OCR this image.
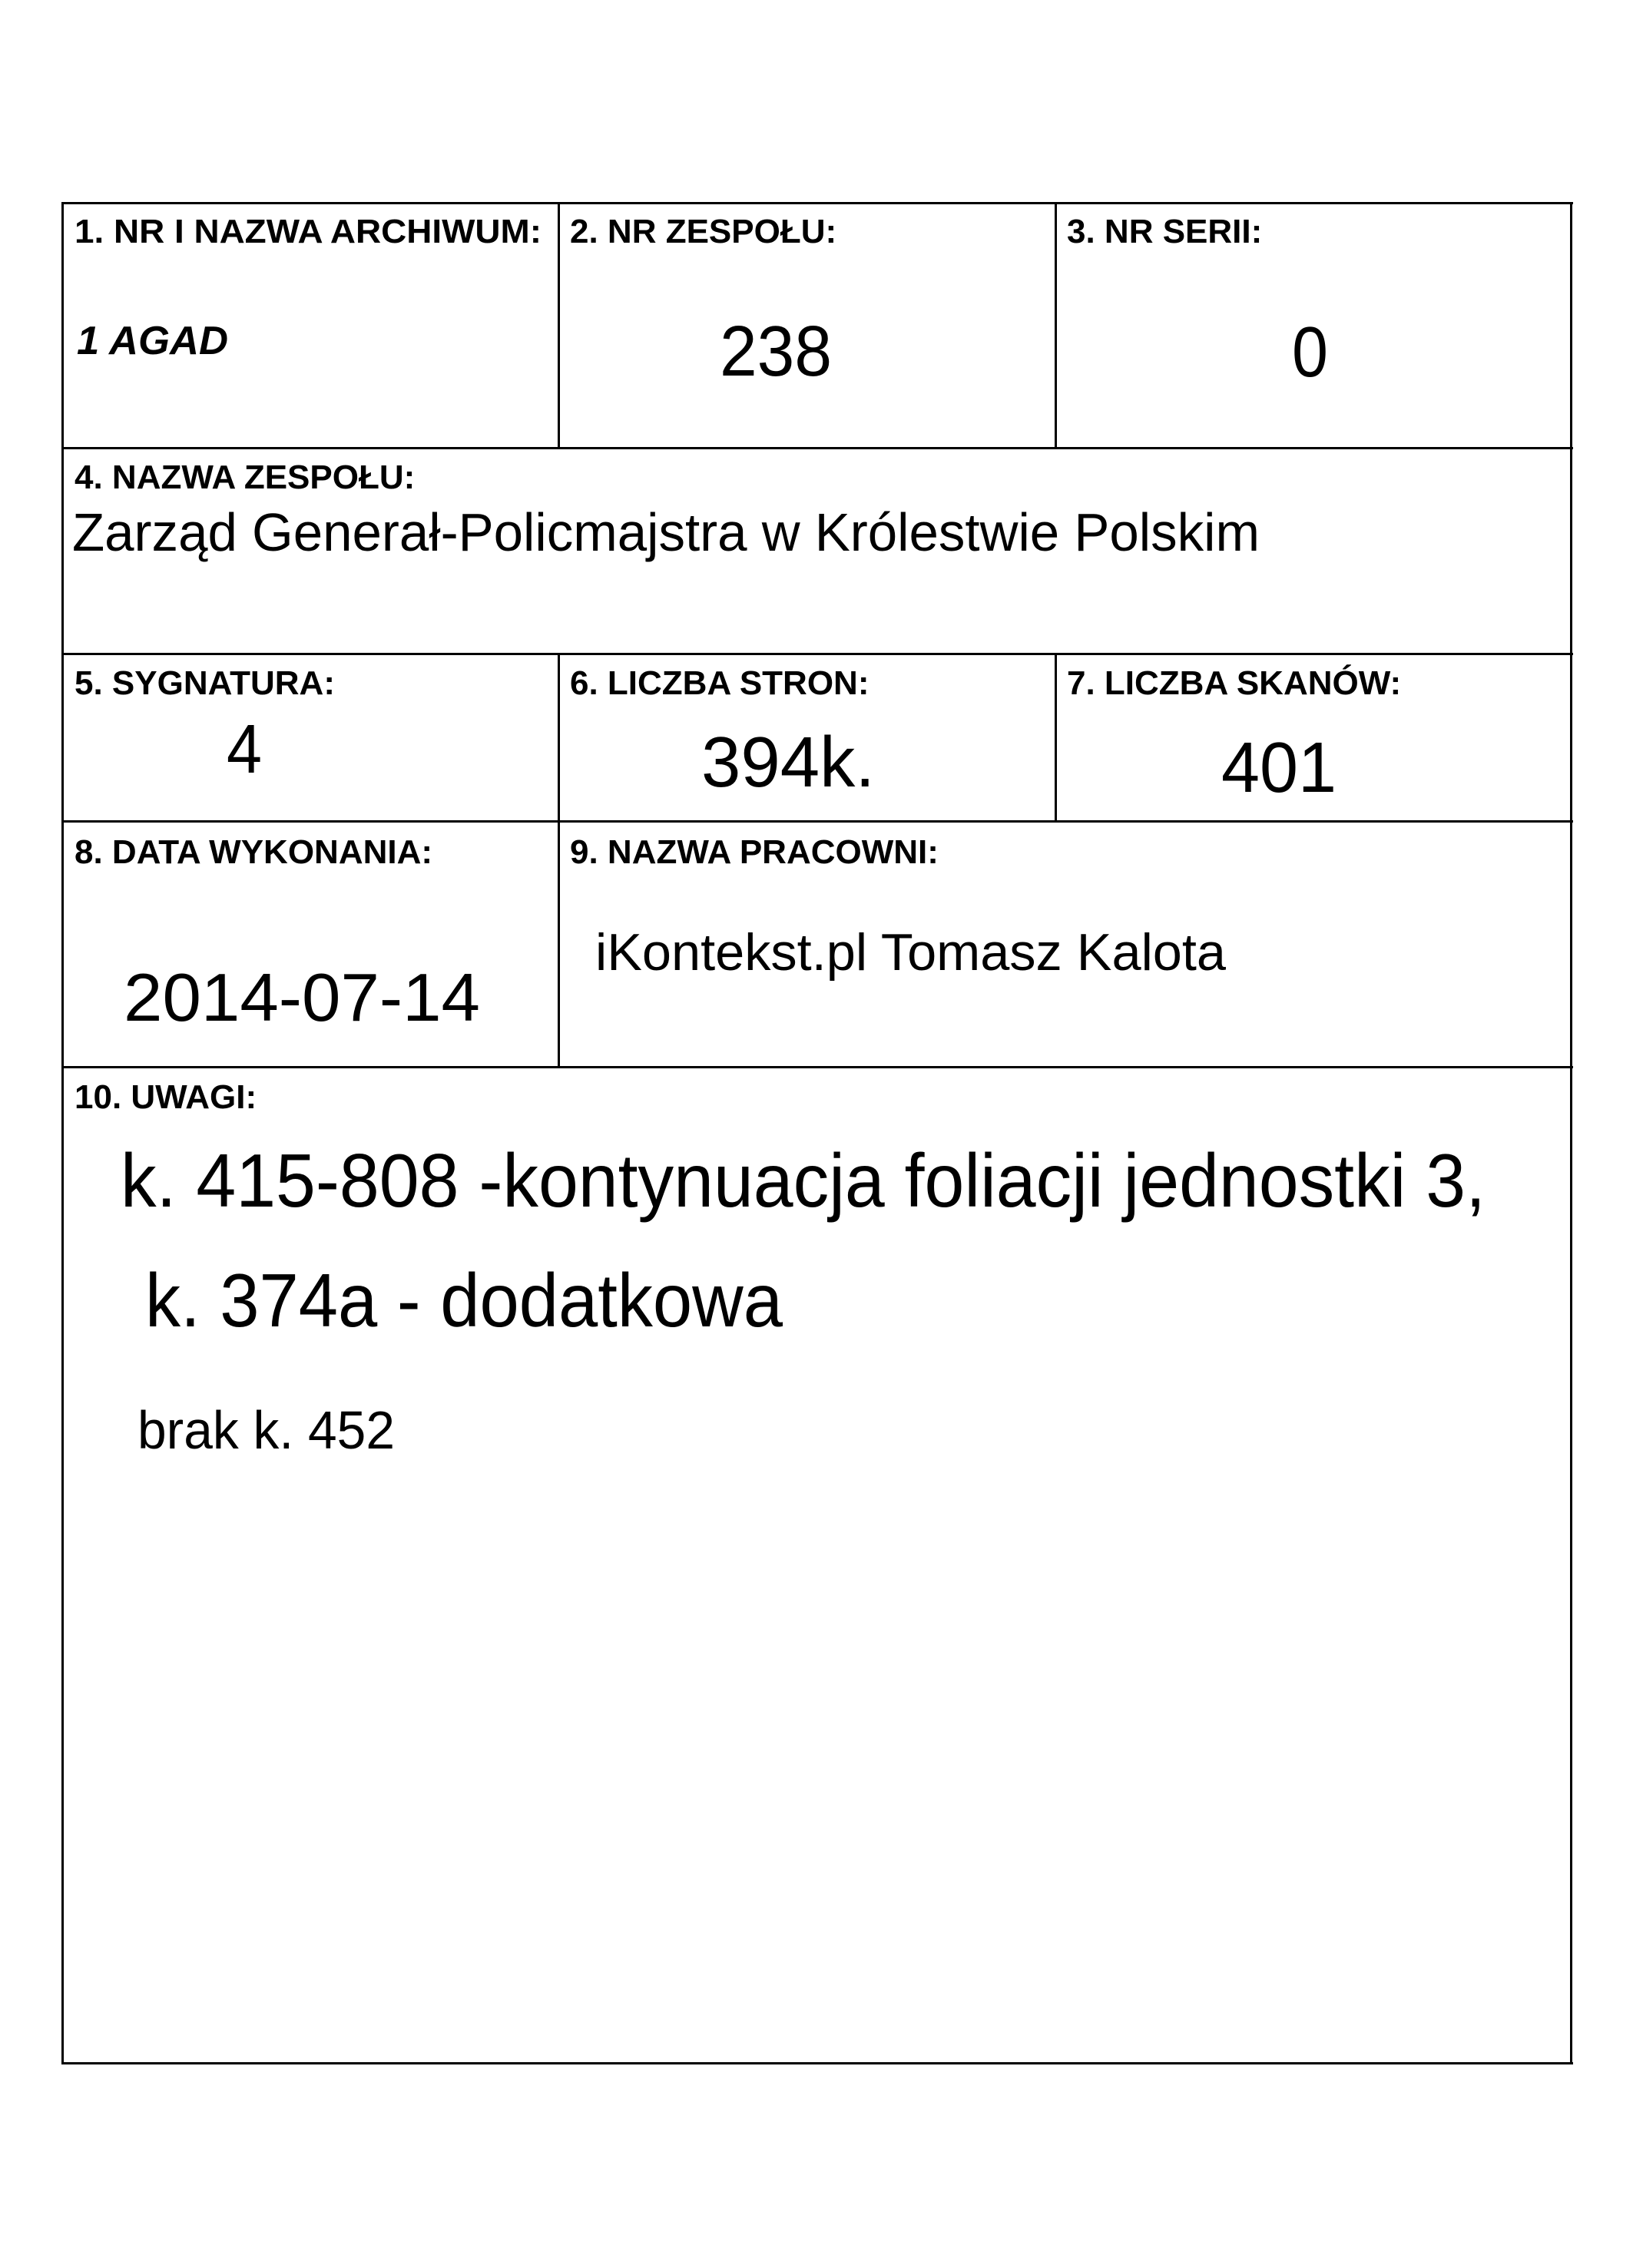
1. NR I NAZWA ARCHIWUM:
1 AGAD
2. NR ZESPOŁU:
238
3. NR SERII:
0
4. NAZWA ZESPOŁU:
Zarząd Generał-Policmajstra w Królestwie Polskim
5. SYGNATURA:
4
6. LICZBA STRON:
394k.
7. LICZBA SKANÓW:
401
8. DATA WYKONANIA:
2014-07-14
9. NAZWA PRACOWNI:
iKontekst.pl Tomasz Kalota
10. UWAGI:
k. 415-808 -kontynuacja foliacji jednostki 3,
k. 374a - dodatkowa
brak k. 452
